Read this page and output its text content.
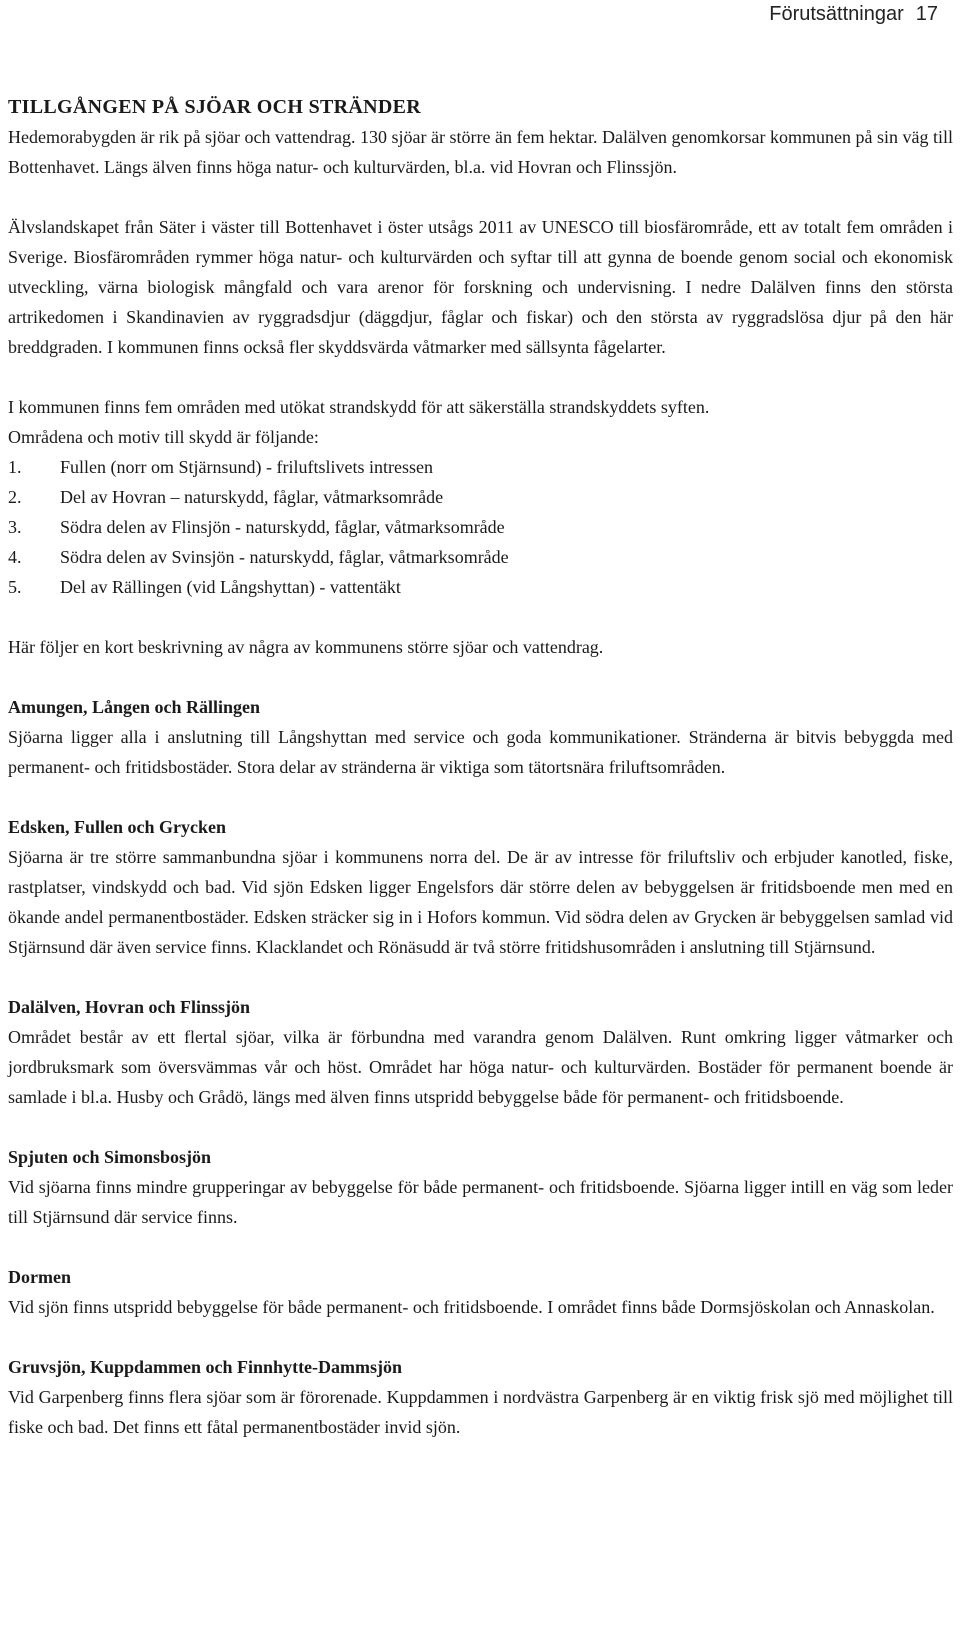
Förutsättningar 17
TILLGÅNGEN PÅ SJÖAR OCH STRÄNDER

Hedemorabygden är rik på sjöar och vattendrag. 130 sjöar är större än fem hektar. Dalälven genomkorsar kommunen på sin väg till Bottenhavet. Längs älven finns höga natur- och kulturvärden, bl.a. vid Hovran och Flinssjön.

Älvslandskapet från Säter i väster till Bottenhavet i öster utsågs 2011 av UNESCO till biosfärområde, ett av totalt fem områden i Sverige. Biosfärområden rymmer höga natur- och kulturvärden och syftar till att gynna de boende genom social och ekonomisk utveckling, värna biologisk mångfald och vara arenor för forskning och undervisning. I nedre Dalälven finns den största artrikedomen i Skandinavien av ryggradsdjur (däggdjur, fåglar och fiskar) och den största av ryggradslösa djur på den här breddgraden. I kommunen finns också fler skyddsvärda våtmarker med sällsynta fågelarter.

I kommunen finns fem områden med utökat strandskydd för att säkerställa strandskyddets syften.

Områdena och motiv till skydd är följande:

1.	Fullen (norr om Stjärnsund) - friluftslivets intressen
2.	Del av Hovran – naturskydd, fåglar, våtmarksområde
3.	Södra delen av Flinsjön - naturskydd, fåglar, våtmarksområde
4.	Södra delen av Svinsjön - naturskydd, fåglar, våtmarksområde
5.	Del av Rällingen (vid Långshyttan) - vattentäkt

Här följer en kort beskrivning av några av kommunens större sjöar och vattendrag.

Amungen, Lången och Rällingen

Sjöarna ligger alla i anslutning till Långshyttan med service och goda kommunikationer. Stränderna är bitvis bebyggda med permanent- och fritidsbostäder. Stora delar av stränderna är viktiga som tätortsnära friluftsområden.

Edsken, Fullen och Grycken

Sjöarna är tre större sammanbundna sjöar i kommunens norra del. De är av intresse för friluftsliv och erbjuder kanotled, fiske, rastplatser, vindskydd och bad. Vid sjön Edsken ligger Engelsfors där större delen av bebyggelsen är fritidsboende men med en ökande andel permanentbostäder. Edsken sträcker sig in i Hofors kommun. Vid södra delen av Grycken är bebyggelsen samlad vid Stjärnsund där även service finns. Klacklandet och Rönäsudd är två större fritidshusområden i anslutning till Stjärnsund.

Dalälven, Hovran och Flinssjön

Området består av ett flertal sjöar, vilka är förbundna med varandra genom Dalälven. Runt omkring ligger våtmarker och jordbruksmark som översvämmas vår och höst. Området har höga natur- och kulturvärden. Bostäder för permanent boende är samlade i bl.a. Husby och Grådö, längs med älven finns utspridd bebyggelse både för permanent- och fritidsboende.

Spjuten och Simonsbosjön

Vid sjöarna finns mindre grupperingar av bebyggelse för både permanent- och fritidsboende. Sjöarna ligger intill en väg som leder till Stjärnsund där service finns.

Dormen

Vid sjön finns utspridd bebyggelse för både permanent- och fritidsboende. I området finns både Dormsjöskolan och Annaskolan.

Gruvsjön, Kuppdammen och Finnhytte-Dammsjön

Vid Garpenberg finns flera sjöar som är förorenade. Kuppdammen i nordvästra Garpenberg är en viktig frisk sjö med möjlighet till fiske och bad. Det finns ett fåtal permanentbostäder invid sjön.
